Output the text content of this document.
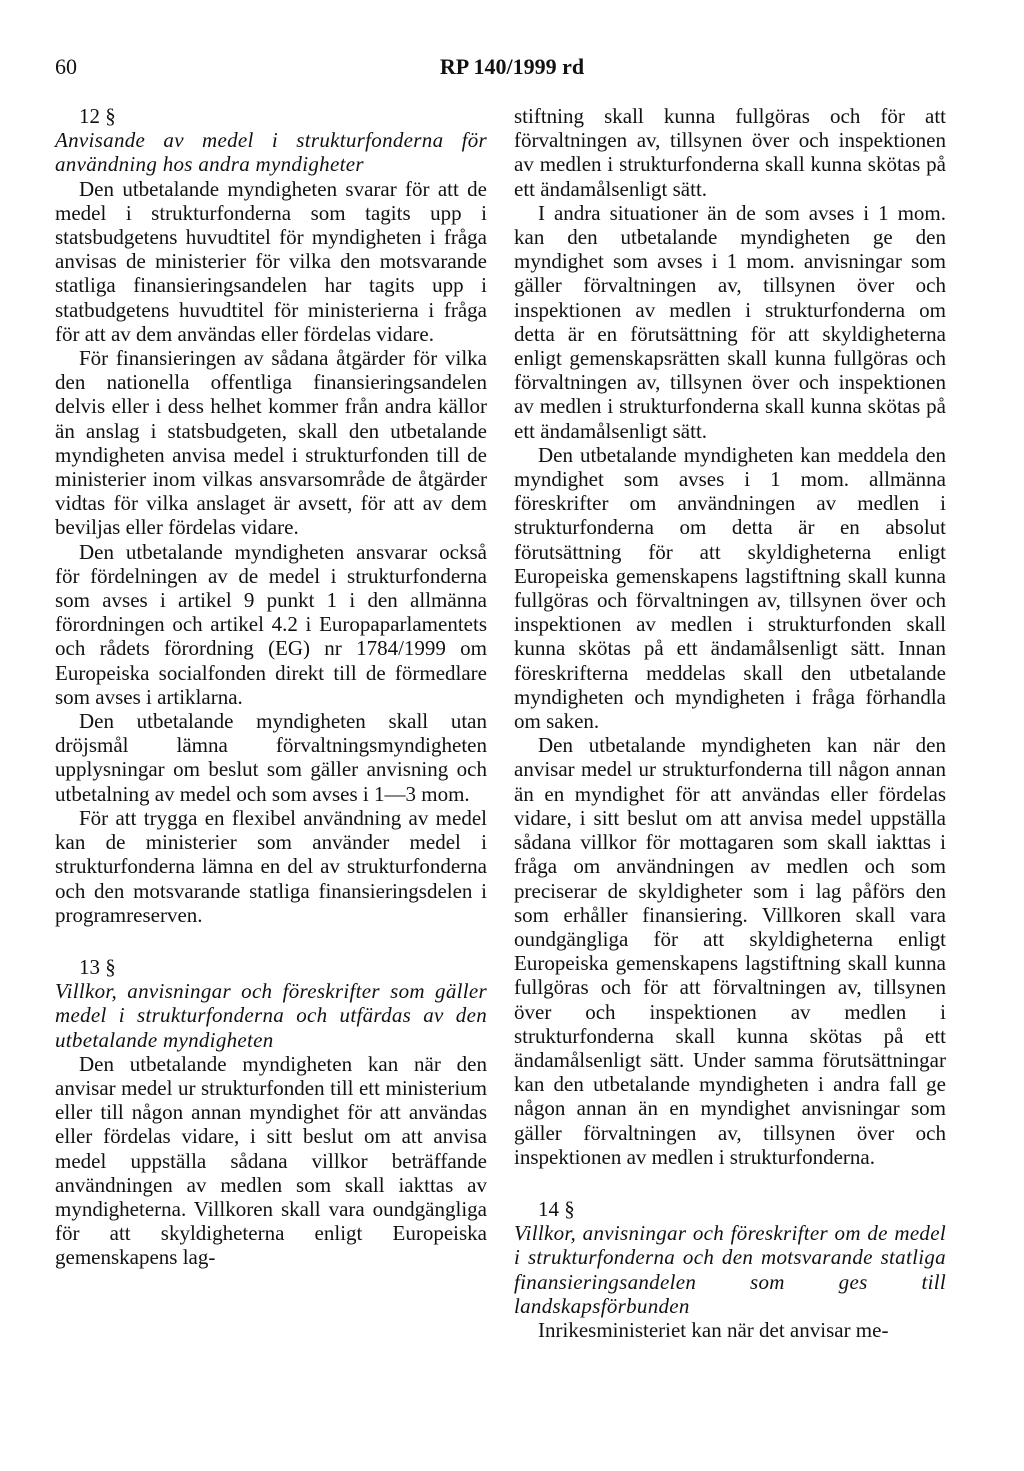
60	RP 140/1999 rd

12 §

Anvisande av medel i strukturfonderna för användning hos andra myndigheter

Den utbetalande myndigheten svarar för att de medel i strukturfonderna som tagits upp i statsbudgetens huvudtitel för myndigheten i fråga anvisas de ministerier för vilka den motsvarande statliga finansieringsandelen har tagits upp i statbudgetens huvudtitel för ministerierna i fråga för att av dem användas eller fördelas vidare.

För finansieringen av sådana åtgärder för vilka den nationella offentliga finansieringsandelen delvis eller i dess helhet kommer från andra källor än anslag i statsbudgeten, skall den utbetalande myndigheten anvisa medel i strukturfonden till de ministerier inom vilkas ansvarsområde de åtgärder vidtas för vilka anslaget är avsett, för att av dem beviljas eller fördelas vidare.

Den utbetalande myndigheten ansvarar också för fördelningen av de medel i strukturfonderna som avses i artikel 9 punkt 1 i den allmänna förordningen och artikel 4.2 i Europaparlamentets och rådets förordning (EG) nr 1784/1999 om Europeiska socialfonden direkt till de förmedlare som avses i artiklarna.

Den utbetalande myndigheten skall utan dröjsmål lämna förvaltningsmyndigheten upplysningar om beslut som gäller anvisning och utbetalning av medel och som avses i 1—3 mom.

För att trygga en flexibel användning av medel kan de ministerier som använder medel i strukturfonderna lämna en del av strukturfonderna och den motsvarande statliga finansieringsdelen i programreserven.

13 §

Villkor, anvisningar och föreskrifter som gäller medel i strukturfonderna och utfärdas av den utbetalande myndigheten

Den utbetalande myndigheten kan när den anvisar medel ur strukturfonden till ett ministerium eller till någon annan myndighet för att användas eller fördelas vidare, i sitt beslut om att anvisa medel uppställa sådana villkor beträffande användningen av medlen som skall iakttas av myndigheterna. Villkoren skall vara oundgängliga för att skyldigheterna enligt Europeiska gemenskapens lag-

stiftning skall kunna fullgöras och för att förvaltningen av, tillsynen över och inspektionen av medlen i strukturfonderna skall kunna skötas på ett ändamålsenligt sätt.

I andra situationer än de som avses i 1 mom. kan den utbetalande myndigheten ge den myndighet som avses i 1 mom. anvisningar som gäller förvaltningen av, tillsynen över och inspektionen av medlen i strukturfonderna om detta är en förutsättning för att skyldigheterna enligt gemenskapsrätten skall kunna fullgöras och förvaltningen av, tillsynen över och inspektionen av medlen i strukturfonderna skall kunna skötas på ett ändamålsenligt sätt.

Den utbetalande myndigheten kan meddela den myndighet som avses i 1 mom. allmänna föreskrifter om användningen av medlen i strukturfonderna om detta är en absolut förutsättning för att skyldigheterna enligt Europeiska gemenskapens lagstiftning skall kunna fullgöras och förvaltningen av, tillsynen över och inspektionen av medlen i strukturfonden skall kunna skötas på ett ändamålsenligt sätt. Innan föreskrifterna meddelas skall den utbetalande myndigheten och myndigheten i fråga förhandla om saken.

Den utbetalande myndigheten kan när den anvisar medel ur strukturfonderna till någon annan än en myndighet för att användas eller fördelas vidare, i sitt beslut om att anvisa medel uppställa sådana villkor för mottagaren som skall iakttas i fråga om användningen av medlen och som preciserar de skyldigheter som i lag påförs den som erhåller finansiering. Villkoren skall vara oundgängliga för att skyldigheterna enligt Europeiska gemenskapens lagstiftning skall kunna fullgöras och för att förvaltningen av, tillsynen över och inspektionen av medlen i strukturfonderna skall kunna skötas på ett ändamålsenligt sätt. Under samma förutsättningar kan den utbetalande myndigheten i andra fall ge någon annan än en myndighet anvisningar som gäller förvaltningen av, tillsynen över och inspektionen av medlen i strukturfonderna.

14 §

Villkor, anvisningar och föreskrifter om de medel i strukturfonderna och den motsvarande statliga finansieringsandelen som ges till landskapsförbunden

Inrikesministeriet kan när det anvisar me-
